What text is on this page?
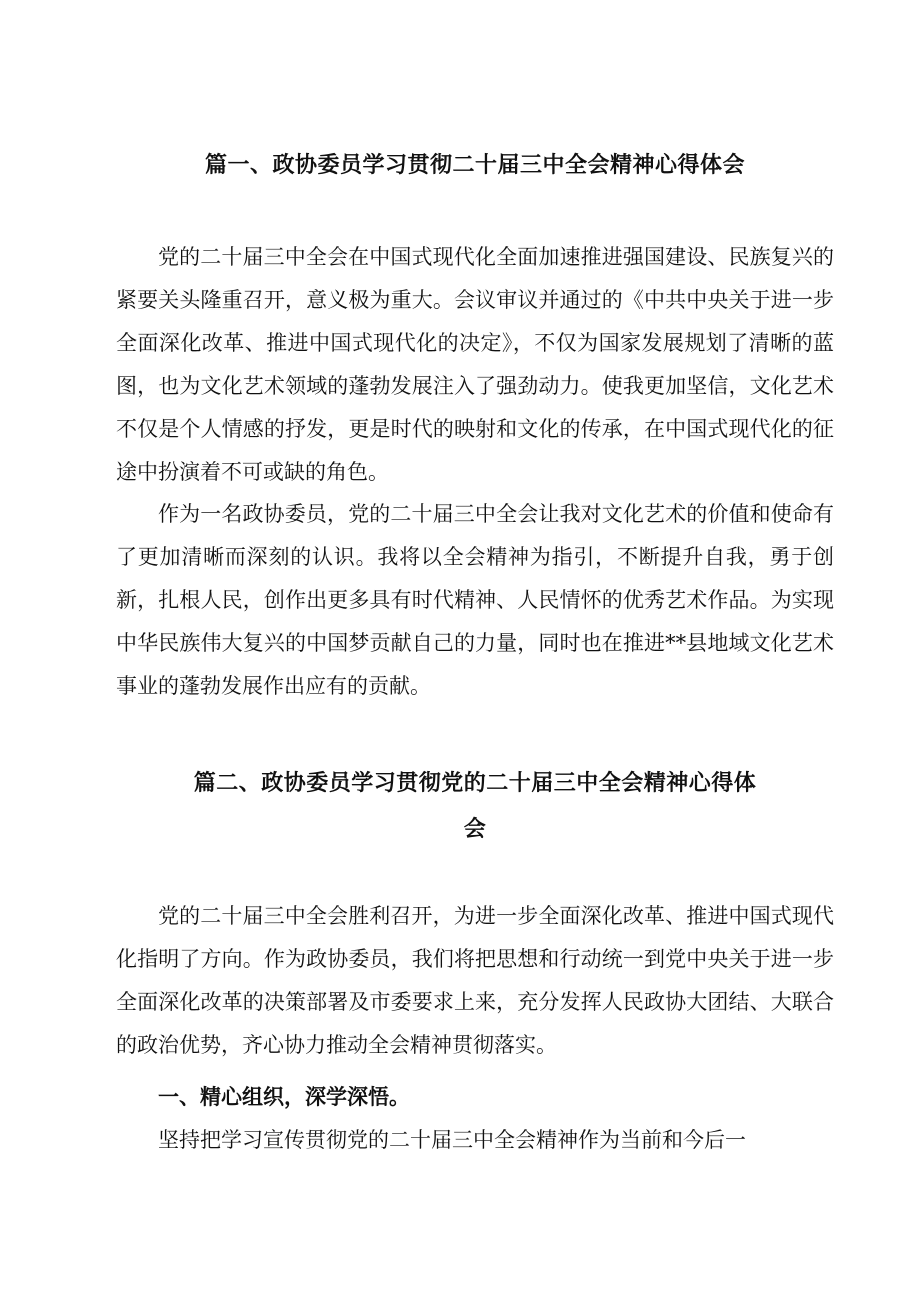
篇一、政协委员学习贯彻二十届三中全会精神心得体会

党的二十届三中全会在中国式现代化全面加速推进强国建设、民族复兴的紧要关头隆重召开，意义极为重大。会议审议并通过的《中共中央关于进一步全面深化改革、推进中国式现代化的决定》，不仅为国家发展规划了清晰的蓝图，也为文化艺术领域的蓬勃发展注入了强劲动力。使我更加坚信，文化艺术不仅是个人情感的抒发，更是时代的映射和文化的传承，在中国式现代化的征途中扮演着不可或缺的角色。

作为一名政协委员，党的二十届三中全会让我对文化艺术的价值和使命有了更加清晰而深刻的认识。我将以全会精神为指引，不断提升自我，勇于创新，扎根人民，创作出更多具有时代精神、人民情怀的优秀艺术作品。为实现中华民族伟大复兴的中国梦贡献自己的力量，同时也在推进**县地域文化艺术事业的蓬勃发展作出应有的贡献。

篇二、政协委员学习贯彻党的二十届三中全会精神心得体
会

党的二十届三中全会胜利召开，为进一步全面深化改革、推进中国式现代化指明了方向。作为政协委员，我们将把思想和行动统一到党中央关于进一步全面深化改革的决策部署及市委要求上来，充分发挥人民政协大团结、大联合的政治优势，齐心协力推动全会精神贯彻落实。

一、精心组织，深学深悟。

坚持把学习宣传贯彻党的二十届三中全会精神作为当前和今后一
